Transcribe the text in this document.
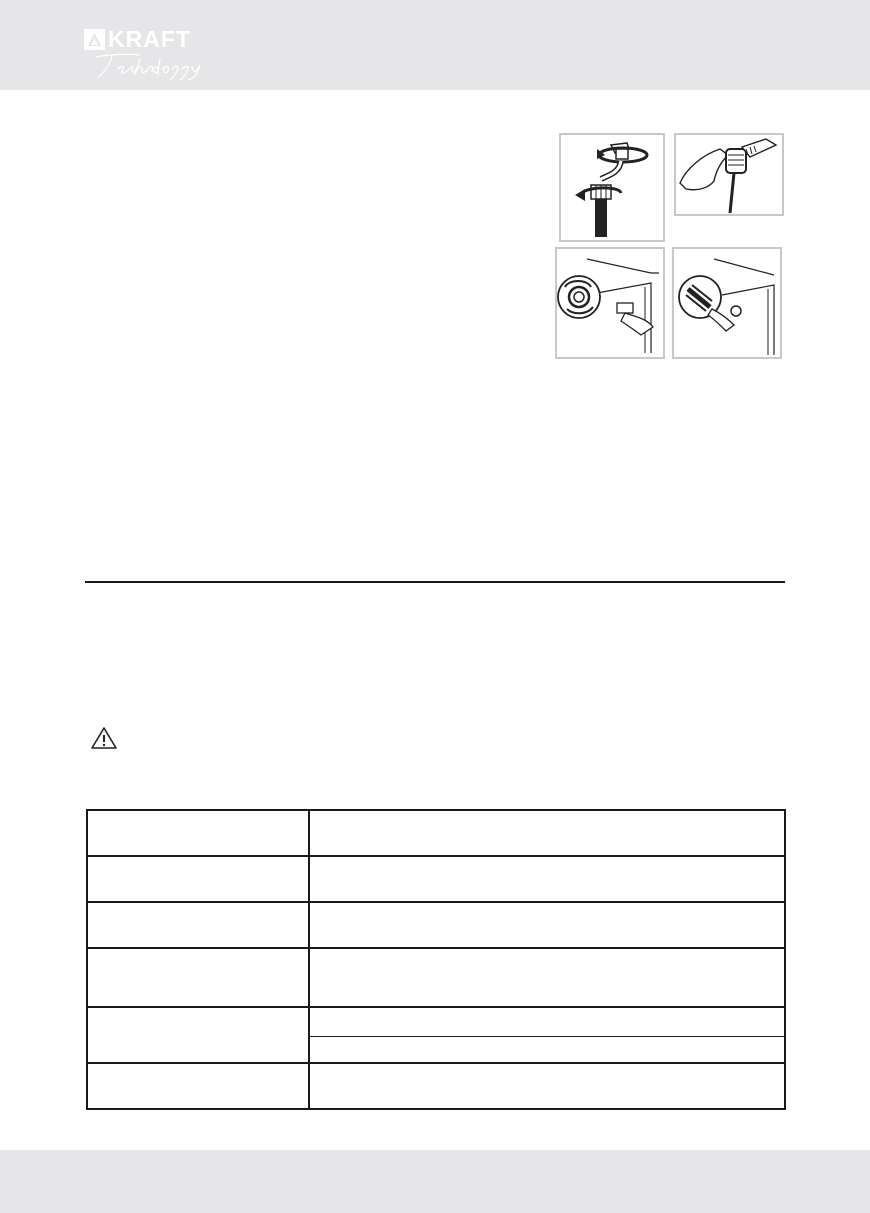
KRAFT
